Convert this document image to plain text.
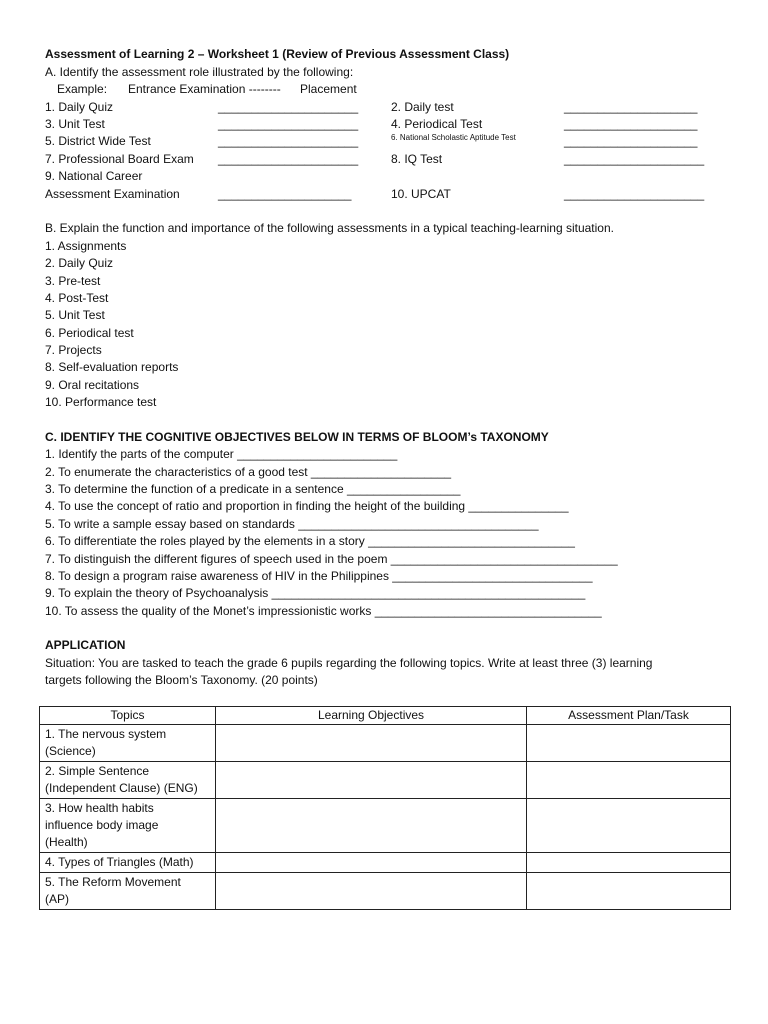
Assessment of Learning 2 – Worksheet 1 (Review of Previous Assessment Class)
A. Identify the assessment role illustrated by the following:
Example: Entrance Examination -------- Placement
1. Daily Quiz	_____________________	2. Daily test	____________________
3. Unit Test	_____________________	4. Periodical Test	____________________
5. District Wide Test	_____________________	6. National Scholastic Aptitude Test	____________________
7. Professional Board Exam _____________________	8. IQ Test	_____________________
9. National Career
Assessment Examination	____________________	10. UPCAT	_____________________
B. Explain the function and importance of the following assessments in a typical teaching-learning situation.
1. Assignments
2. Daily Quiz
3. Pre-test
4. Post-Test
5. Unit Test
6. Periodical test
7. Projects
8. Self-evaluation reports
9. Oral recitations
10. Performance test
C. IDENTIFY THE COGNITIVE OBJECTIVES BELOW IN TERMS OF BLOOM’s TAXONOMY
1. Identify the parts of the computer ________________________
2. To enumerate the characteristics of a good test _____________________
3. To determine the function of a predicate in a sentence _________________
4. To use the concept of ratio and proportion in finding the height of the building _______________
5. To write a sample essay based on standards ____________________________________
6. To differentiate the roles played by the elements in a story _______________________________
7. To distinguish the different figures of speech used in the poem __________________________________
8. To design a program raise awareness of HIV in the Philippines ______________________________
9. To explain the theory of Psychoanalysis _______________________________________________
10. To assess the quality of the Monet’s impressionistic works __________________________________
APPLICATION
Situation: You are tasked to teach the grade 6 pupils regarding the following topics. Write at least three (3) learning
targets following the Bloom’s Taxonomy. (20 points)
Topics	Learning Objectives	Assessment Plan/Task

1. The nervous system
(Science)		

2. Simple Sentence
(Independent Clause) (ENG)		

3. How health habits
influence body image
(Health)		

4. Types of Triangles (Math)		

5. The Reform Movement
(AP)		
